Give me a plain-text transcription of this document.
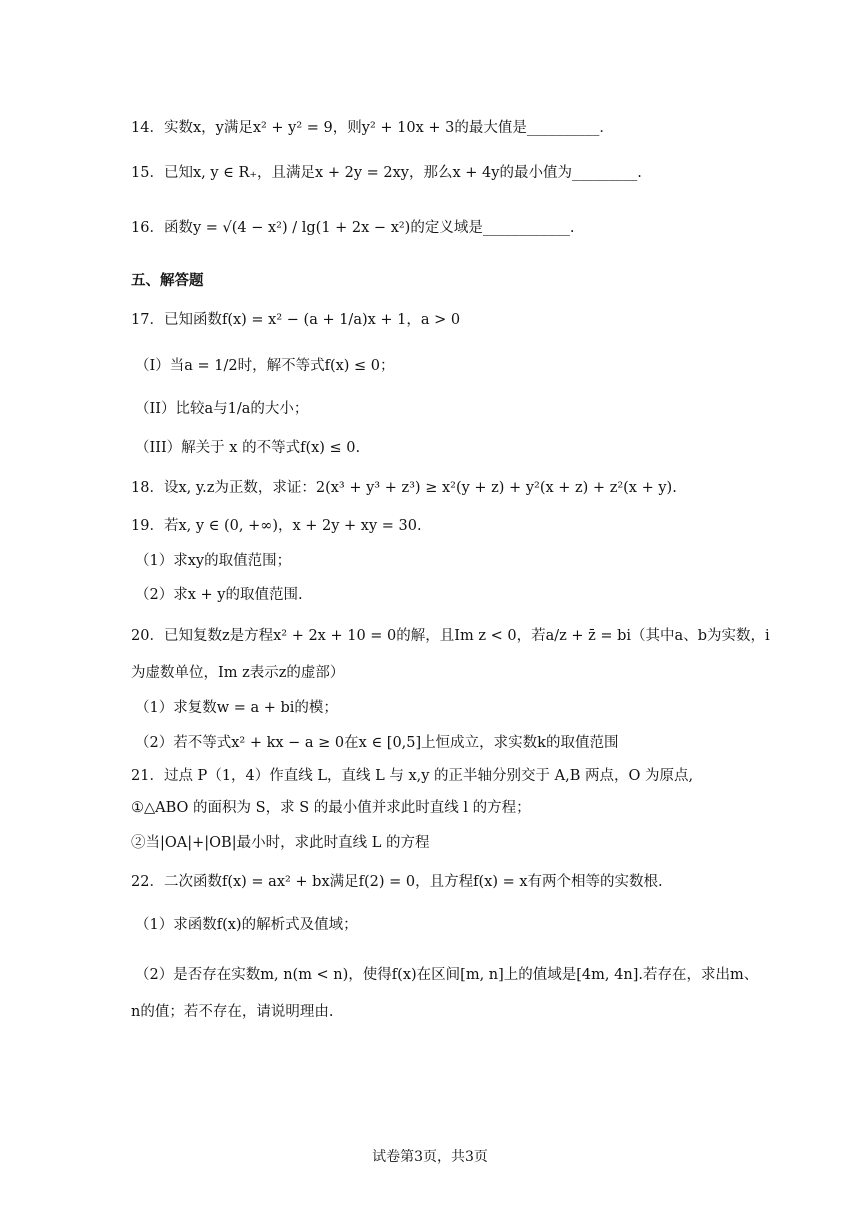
14．实数x，y满足x² + y² = 9，则y² + 10x + 3的最大值是__________．
15．已知x, y ∈ R₊，且满足x + 2y = 2xy，那么x + 4y的最小值为_________.
16．函数y = √(4 − x²) / lg(1 + 2x − x²)的定义域是____________.
五、解答题
17．已知函数f(x) = x² − (a + 1/a)x + 1，a > 0
（I）当a = 1/2时，解不等式f(x) ≤ 0；
（II）比较a与1/a的大小；
（III）解关于 x 的不等式f(x) ≤ 0.
18．设x, y.z为正数，求证：2(x³ + y³ + z³) ≥ x²(y + z) + y²(x + z) + z²(x + y).
19．若x, y ∈ (0, +∞)，x + 2y + xy = 30.
（1）求xy的取值范围；
（2）求x + y的取值范围.
20．已知复数z是方程x² + 2x + 10 = 0的解，且Im z < 0，若a/z + z̄ = bi（其中a、b为实数，i
为虚数单位，Im z表示z的虚部）
（1）求复数w = a + bi的模；
（2）若不等式x² + kx − a ≥ 0在x ∈ [0,5]上恒成立，求实数k的取值范围
21．过点 P（1，4）作直线 L，直线 L 与 x,y 的正半轴分别交于 A,B 两点，O 为原点,
①△ABO 的面积为 S，求 S 的最小值并求此时直线 l 的方程；
②当|OA|+|OB|最小时，求此时直线 L 的方程
22．二次函数f(x) = ax² + bx满足f(2) = 0，且方程f(x) = x有两个相等的实数根.
（1）求函数f(x)的解析式及值域；
（2）是否存在实数m, n(m < n)，使得f(x)在区间[m, n]上的值域是[4m, 4n].若存在，求出m、
n的值；若不存在，请说明理由.
试卷第3页，共3页
